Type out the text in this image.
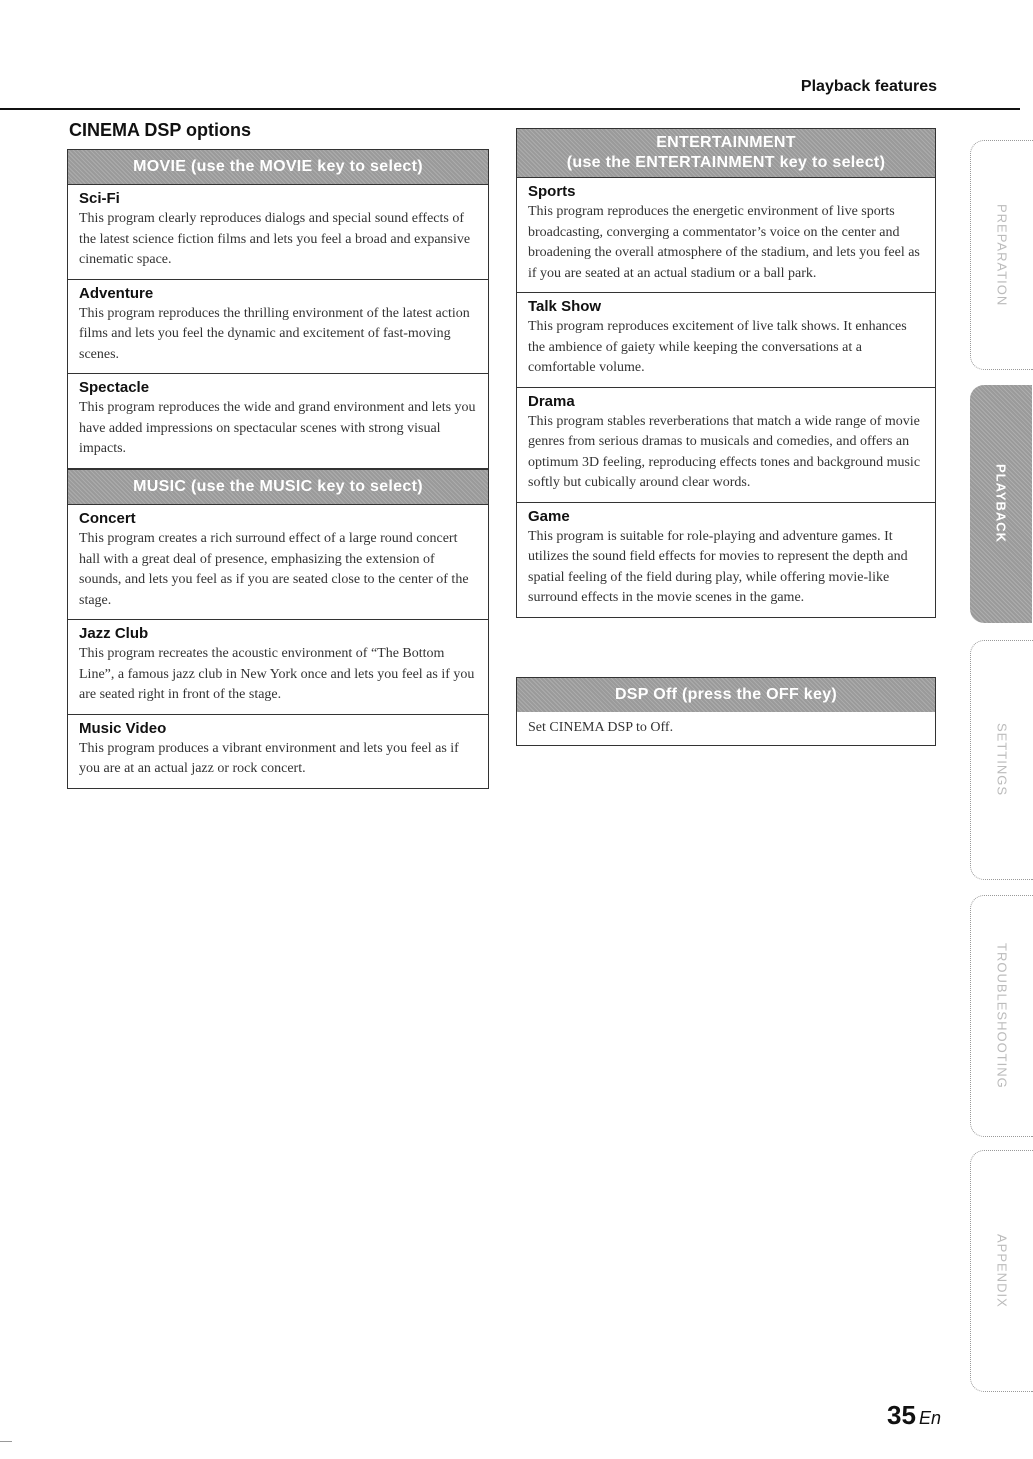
Playback features
CINEMA DSP options
MOVIE (use the MOVIE key to select)
Sci-Fi
This program clearly reproduces dialogs and special sound effects of the latest science fiction films and lets you feel a broad and expansive cinematic space.
Adventure
This program reproduces the thrilling environment of the latest action films and lets you feel the dynamic and excitement of fast-moving scenes.
Spectacle
This program reproduces the wide and grand environment and lets you have added impressions on spectacular scenes with strong visual impacts.
MUSIC (use the MUSIC key to select)
Concert
This program creates a rich surround effect of a large round concert hall with a great deal of presence, emphasizing the extension of sounds, and lets you feel as if you are seated close to the center of the stage.
Jazz Club
This program recreates the acoustic environment of “The Bottom Line”, a famous jazz club in New York once and lets you feel as if you are seated right in front of the stage.
Music Video
This program produces a vibrant environment and lets you feel as if you are at an actual jazz or rock concert.
ENTERTAINMENT
(use the ENTERTAINMENT key to select)
Sports
This program reproduces the energetic environment of live sports broadcasting, converging a commentator’s voice on the center and broadening the overall atmosphere of the stadium, and lets you feel as if you are seated at an actual stadium or a ball park.
Talk Show
This program reproduces excitement of live talk shows. It enhances the ambience of gaiety while keeping the conversations at a comfortable volume.
Drama
This program stables reverberations that match a wide range of movie genres from serious dramas to musicals and comedies, and offers an optimum 3D feeling, reproducing effects tones and background music softly but cubically around clear words.
Game
This program is suitable for role-playing and adventure games. It utilizes the sound field effects for movies to represent the depth and spatial feeling of the field during play, while offering movie-like surround effects in the movie scenes in the game.
DSP Off (press the OFF key)
Set CINEMA DSP to Off.
PREPARATION
PLAYBACK
SETTINGS
TROUBLESHOOTING
APPENDIX
35 En
